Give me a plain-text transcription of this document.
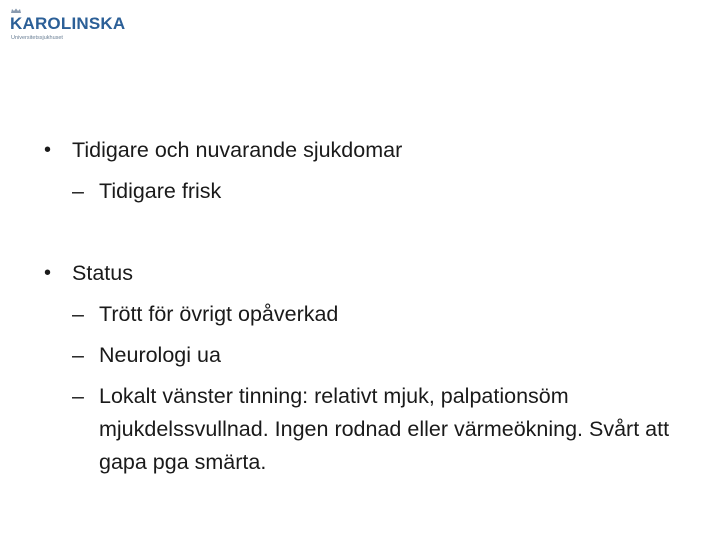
KAROLINSKA
Universitetssjukhuset
• Tidigare och nuvarande sjukdomar
– Tidigare frisk
• Status
– Trött för övrigt opåverkad
– Neurologi ua
– Lokalt vänster tinning: relativt mjuk, palpationsöm mjukdelssvullnad. Ingen rodnad eller värmeökning. Svårt att gapa pga smärta.
